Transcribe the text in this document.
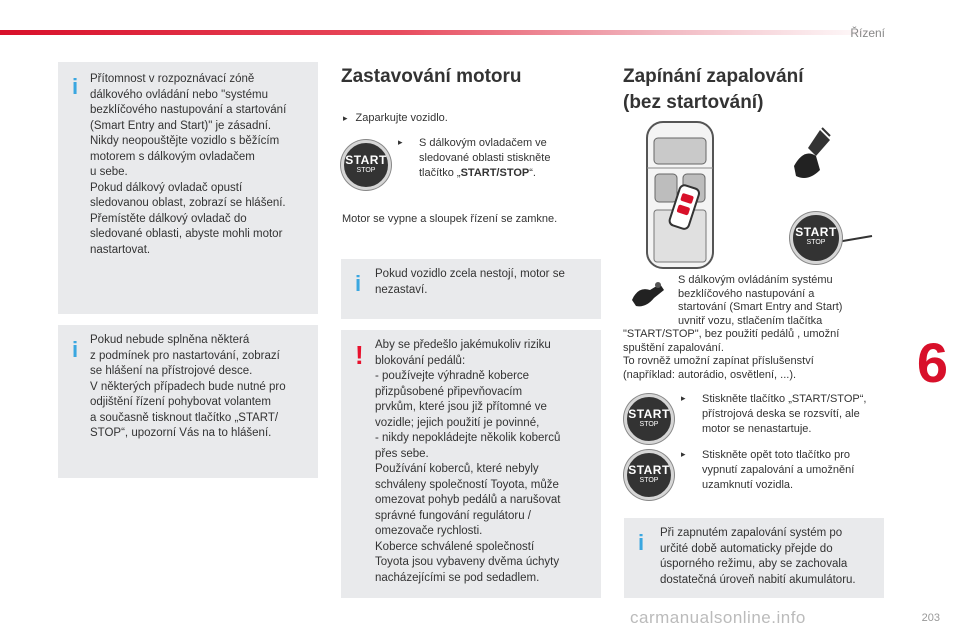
Řízení
6
i Přítomnost v rozpoznávací zóně
dálkového ovládání nebo "systému
bezklíčového nastupování a startování
(Smart Entry and Start)" je zásadní.
Nikdy neopouštějte vozidlo s běžícím
motorem s dálkovým ovladačem
u sebe.
Pokud dálkový ovladač opustí
sledovanou oblast, zobrazí se hlášení.
Přemístěte dálkový ovladač do
sledované oblasti, abyste mohli motor
nastartovat.

i Pokud nebude splněna některá
z podmínek pro nastartování, zobrazí
se hlášení na přístrojové desce.
V některých případech bude nutné pro
odjištění řízení pohybovat volantem
a současně tisknout tlačítko „START/
STOP“, upozorní Vás na to hlášení.

Zastavování motoru
▸ Zaparkujte vozidlo.
START
STOP
▸ S dálkovým ovladačem ve
sledované oblasti stiskněte
tlačítko „START/STOP“.
Motor se vypne a sloupek řízení se zamkne.
i Pokud vozidlo zcela nestojí, motor se
nezastaví.

! Aby se předešlo jakémukoliv riziku
blokování pedálů:
- používejte výhradně koberce
přizpůsobené připevňovacím
prvkům, které jsou již přítomné ve
vozidle; jejich použití je povinné,
- nikdy nepokládejte několik koberců
přes sebe.
Používání koberců, které nebyly
schváleny společností Toyota, může
omezovat pohyb pedálů a narušovat
správné fungování regulátoru /
omezovače rychlosti.
Koberce schválené společností
Toyota jsou vybaveny dvěma úchyty
nacházejícími se pod sedadlem.

Zapínání zapalování
(bez startování)
START
STOP
S dálkovým ovládáním systému
bezklíčového nastupování a
startování (Smart Entry and Start)
uvnitř vozu, stlačením tlačítka
"START/STOP", bez použití pedálů , umožní
spuštění zapalování.
To rovněž umožní zapínat příslušenství
(například: autorádio, osvětlení, ...).
START
STOP
▸ Stiskněte tlačítko „START/STOP“,
přístrojová deska se rozsvítí, ale
motor se nenastartuje.
START
STOP
▸ Stiskněte opět toto tlačítko pro
vypnutí zapalování a umožnění
uzamknutí vozidla.
i Při zapnutém zapalování systém po
určité době automaticky přejde do
úsporného režimu, aby se zachovala
dostatečná úroveň nabití akumulátoru.

carmanualsonline.info	203
